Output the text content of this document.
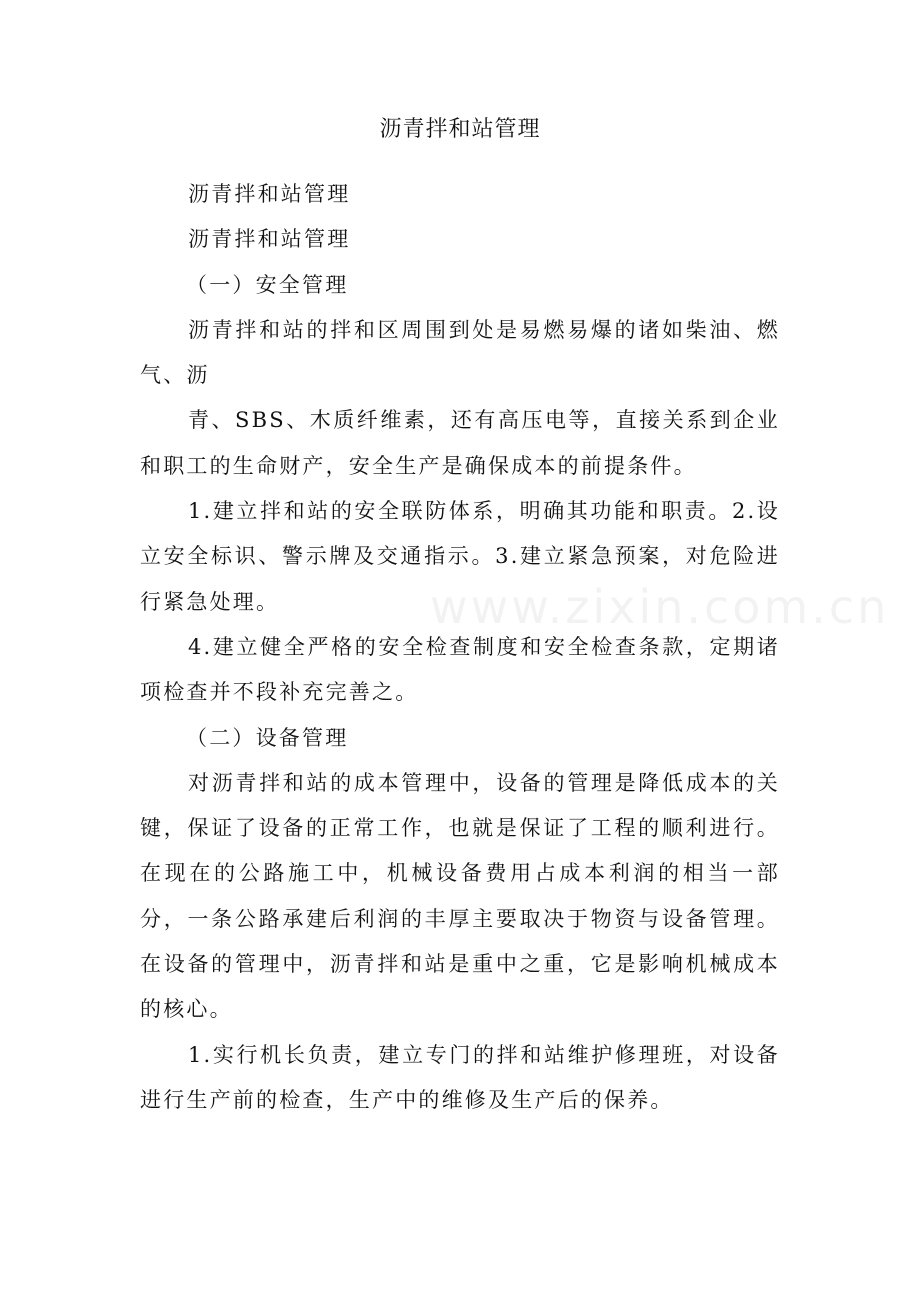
www.zixin.com.cn
沥青拌和站管理

沥青拌和站管理

沥青拌和站管理

（一）安全管理

沥青拌和站的拌和区周围到处是易燃易爆的诸如柴油、燃气、沥

青、SBS、木质纤维素，还有高压电等，直接关系到企业和职工的生命财产，安全生产是确保成本的前提条件。

1.建立拌和站的安全联防体系，明确其功能和职责。2.设立安全标识、警示牌及交通指示。3.建立紧急预案，对危险进行紧急处理。

4.建立健全严格的安全检查制度和安全检查条款，定期诸项检查并不段补充完善之。

（二）设备管理

对沥青拌和站的成本管理中，设备的管理是降低成本的关键，保证了设备的正常工作，也就是保证了工程的顺利进行。在现在的公路施工中，机械设备费用占成本利润的相当一部分，一条公路承建后利润的丰厚主要取决于物资与设备管理。在设备的管理中，沥青拌和站是重中之重，它是影响机械成本的核心。

1.实行机长负责，建立专门的拌和站维护修理班，对设备进行生产前的检查，生产中的维修及生产后的保养。
